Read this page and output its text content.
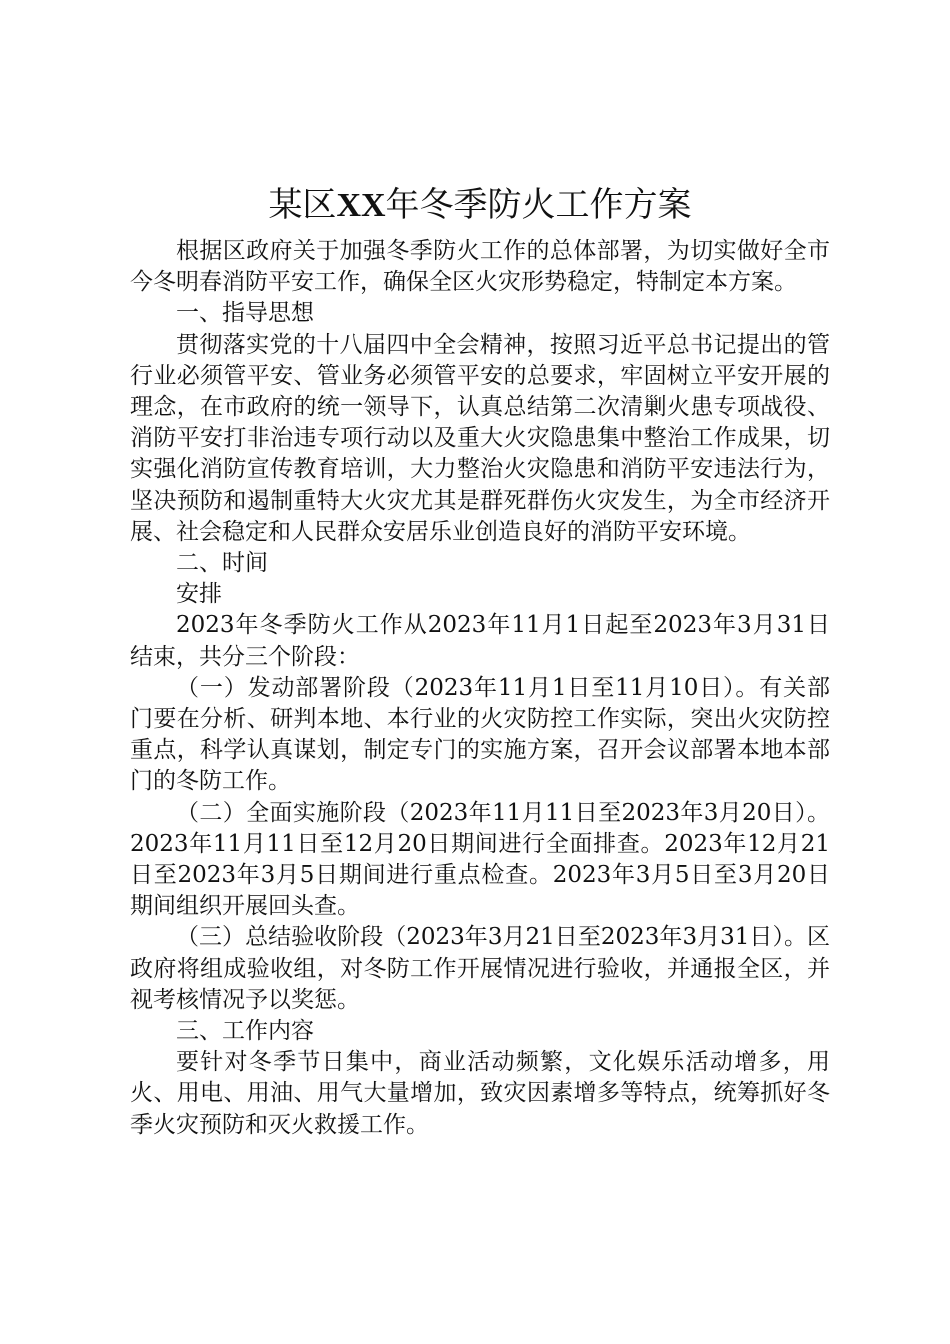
某区XX年冬季防火工作方案

根据区政府关于加强冬季防火工作的总体部署，为切实做好全市今冬明春消防平安工作，确保全区火灾形势稳定，特制定本方案。

一、指导思想

贯彻落实党的十八届四中全会精神，按照习近平总书记提出的管行业必须管平安、管业务必须管平安的总要求，牢固树立平安开展的理念，在市政府的统一领导下，认真总结第二次清剿火患专项战役、消防平安打非治违专项行动以及重大火灾隐患集中整治工作成果，切实强化消防宣传教育培训，大力整治火灾隐患和消防平安违法行为，坚决预防和遏制重特大火灾尤其是群死群伤火灾发生，为全市经济开展、社会稳定和人民群众安居乐业创造良好的消防平安环境。

二、时间

安排

2023年冬季防火工作从2023年11月1日起至2023年3月31日结束，共分三个阶段：

（一）发动部署阶段（2023年11月1日至11月10日）。有关部门要在分析、研判本地、本行业的火灾防控工作实际，突出火灾防控重点，科学认真谋划，制定专门的实施方案，召开会议部署本地本部门的冬防工作。

（二）全面实施阶段（2023年11月11日至2023年3月20日）。2023年11月11日至12月20日期间进行全面排查。2023年12月21日至2023年3月5日期间进行重点检查。2023年3月5日至3月20日期间组织开展回头查。

（三）总结验收阶段（2023年3月21日至2023年3月31日）。区政府将组成验收组，对冬防工作开展情况进行验收，并通报全区，并视考核情况予以奖惩。

三、工作内容

要针对冬季节日集中，商业活动频繁，文化娱乐活动增多，用火、用电、用油、用气大量增加，致灾因素增多等特点，统筹抓好冬季火灾预防和灭火救援工作。
